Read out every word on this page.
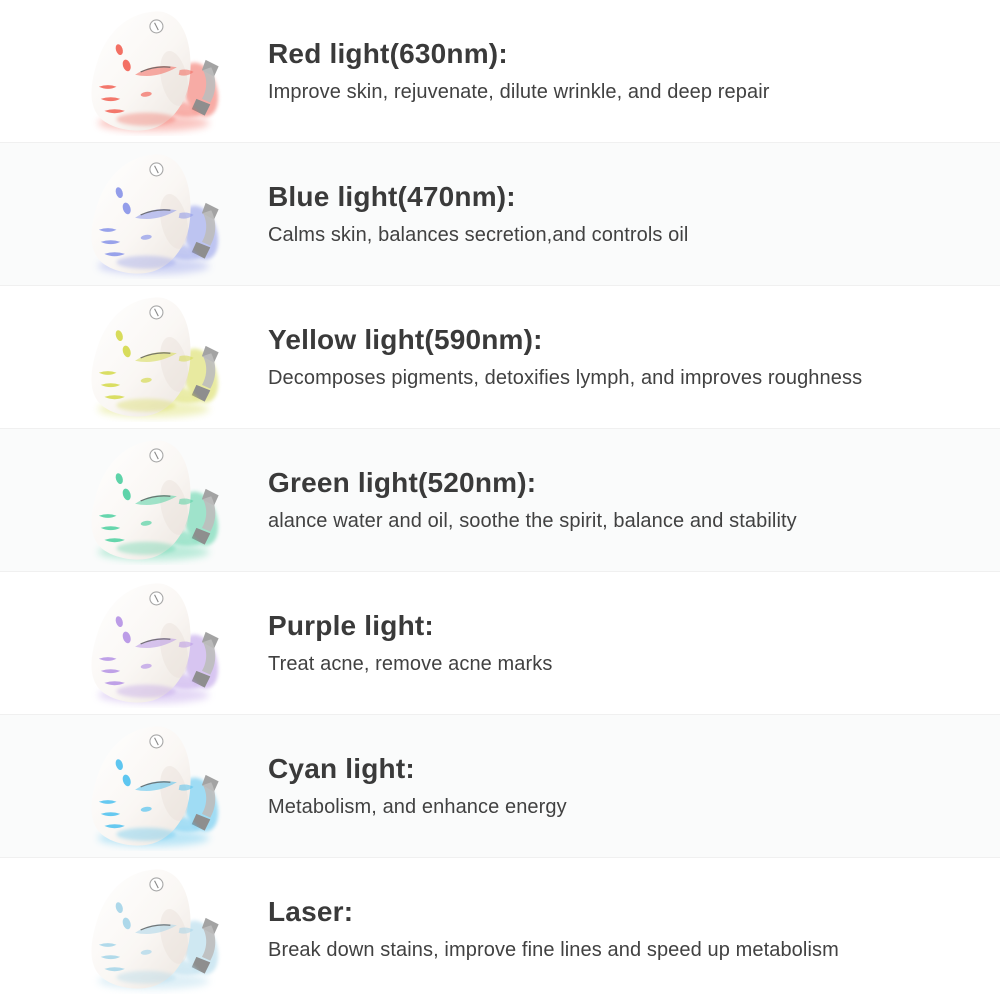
Red light(630nm):

Improve skin, rejuvenate, dilute wrinkle, and deep repair

Blue light(470nm):

Calms skin, balances secretion,and controls oil

Yellow light(590nm):

Decomposes pigments, detoxifies lymph, and improves roughness

Green light(520nm):

alance water and oil, soothe the spirit, balance and stability

Purple light:

Treat acne, remove acne marks

Cyan light:

Metabolism, and enhance energy

Laser:

Break down stains, improve fine lines and speed up metabolism
